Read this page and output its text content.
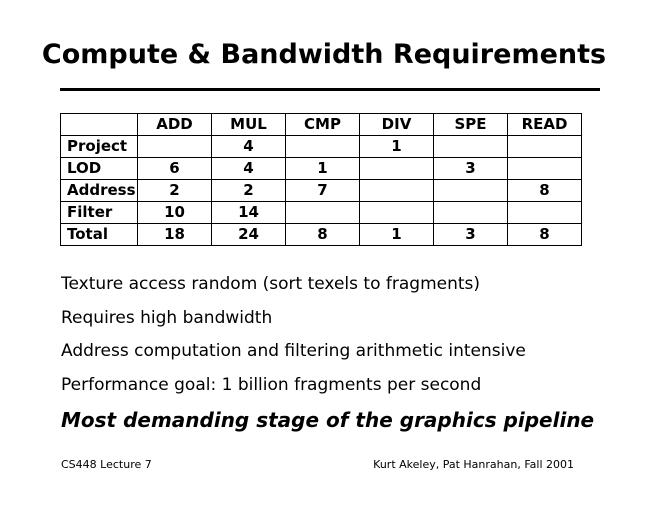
Compute & Bandwidth Requirements
	ADD	MUL	CMP	DIV	SPE	READ
Project		4		1		
LOD	6	4	1		3	
Address	2	2	7			8
Filter	10	14				
Total	18	24	8	1	3	8
Texture access random (sort texels to fragments)
Requires high bandwidth
Address computation and filtering arithmetic intensive
Performance goal: 1 billion fragments per second
Most demanding stage of the graphics pipeline
CS448 Lecture 7	Kurt Akeley, Pat Hanrahan, Fall 2001
